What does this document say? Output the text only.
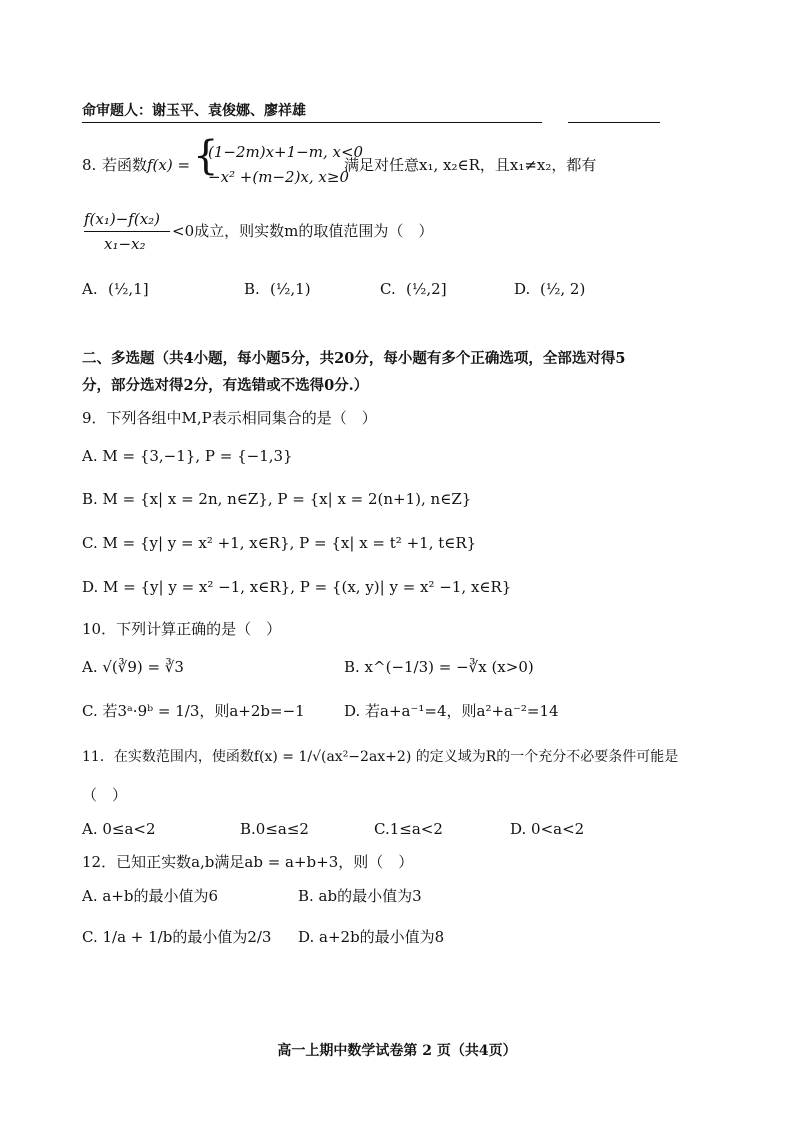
命审题人：谢玉平、袁俊娜、廖祥雄
8. 若函数 f(x) = {
(1−2m)x+1−m, x<0
−x² +(m−2)x, x≥0
满足对任意x₁, x₂∈R，且x₁≠x₂，都有
f(x₁)−f(x₂)
x₁−x₂
<0成立，则实数m的取值范围为（　）
A. (½,1]	B. (½,1)	C. (½,2]	D. (½, 2)
二、多选题（共4小题，每小题5分，共20分，每小题有多个正确选项，全部选对得5
分，部分选对得2分，有选错或不选得0分.）
9．下列各组中M,P表示相同集合的是（　）
A. M = {3,−1}, P = {−1,3}
B. M = {x| x = 2n, n∈Z}, P = {x| x = 2(n+1), n∈Z}
C. M = {y| y = x² +1, x∈R}, P = {x| x = t² +1, t∈R}
D. M = {y| y = x² −1, x∈R}, P = {(x, y)| y = x² −1, x∈R}
10．下列计算正确的是（　）
A. √(∛9) = ∛3	B. x^(−1/3) = −∛x (x>0)
C. 若3ᵃ·9ᵇ = 1/3，则a+2b=−1	D. 若a+a⁻¹=4，则a²+a⁻²=14
11．在实数范围内，使函数f(x) = 1/√(ax²−2ax+2) 的定义域为R的一个充分不必要条件可能是
（　）
A. 0≤a<2	B.0≤a≤2	C.1≤a<2	D. 0<a<2
12．已知正实数a,b满足ab = a+b+3，则（　）
A. a+b的最小值为6	B. ab的最小值为3
C. 1/a + 1/b的最小值为2/3 D. a+2b的最小值为8
高一上期中数学试卷第 2 页（共4页）
